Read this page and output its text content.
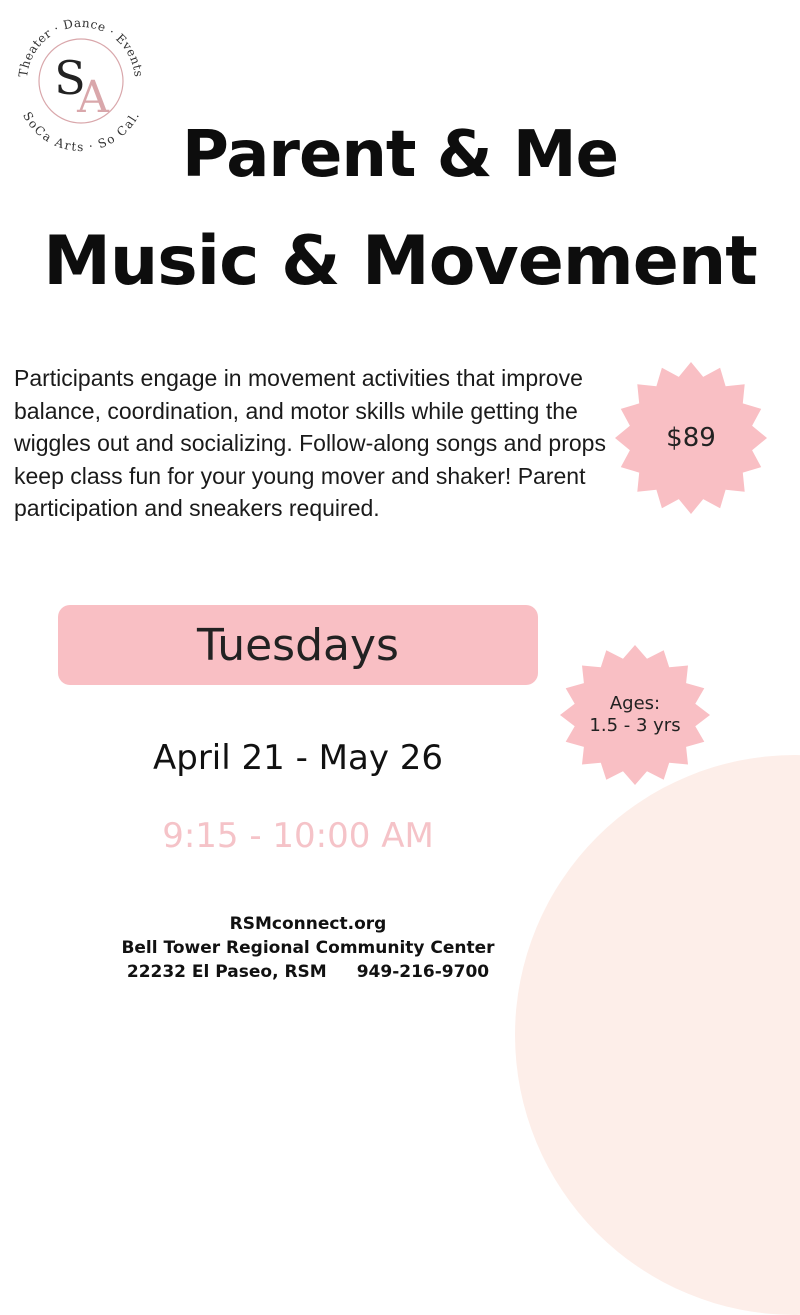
Theater · Dance · Events
SoCa Arts · So Cal.
S
A
Parent & Me
Music & Movement

Participants engage in movement activities that improve balance, coordination, and motor skills while getting the wiggles out and socializing. Follow-along songs and props keep class fun for your young mover and shaker! Parent participation and sneakers required.

$89
Tuesdays
Ages:
1.5 - 3 yrs
April 21 - May 26
9:15 - 10:00 AM
RSMconnect.org
Bell Tower Regional Community Center
22232 El Paseo, RSM 949-216-9700
